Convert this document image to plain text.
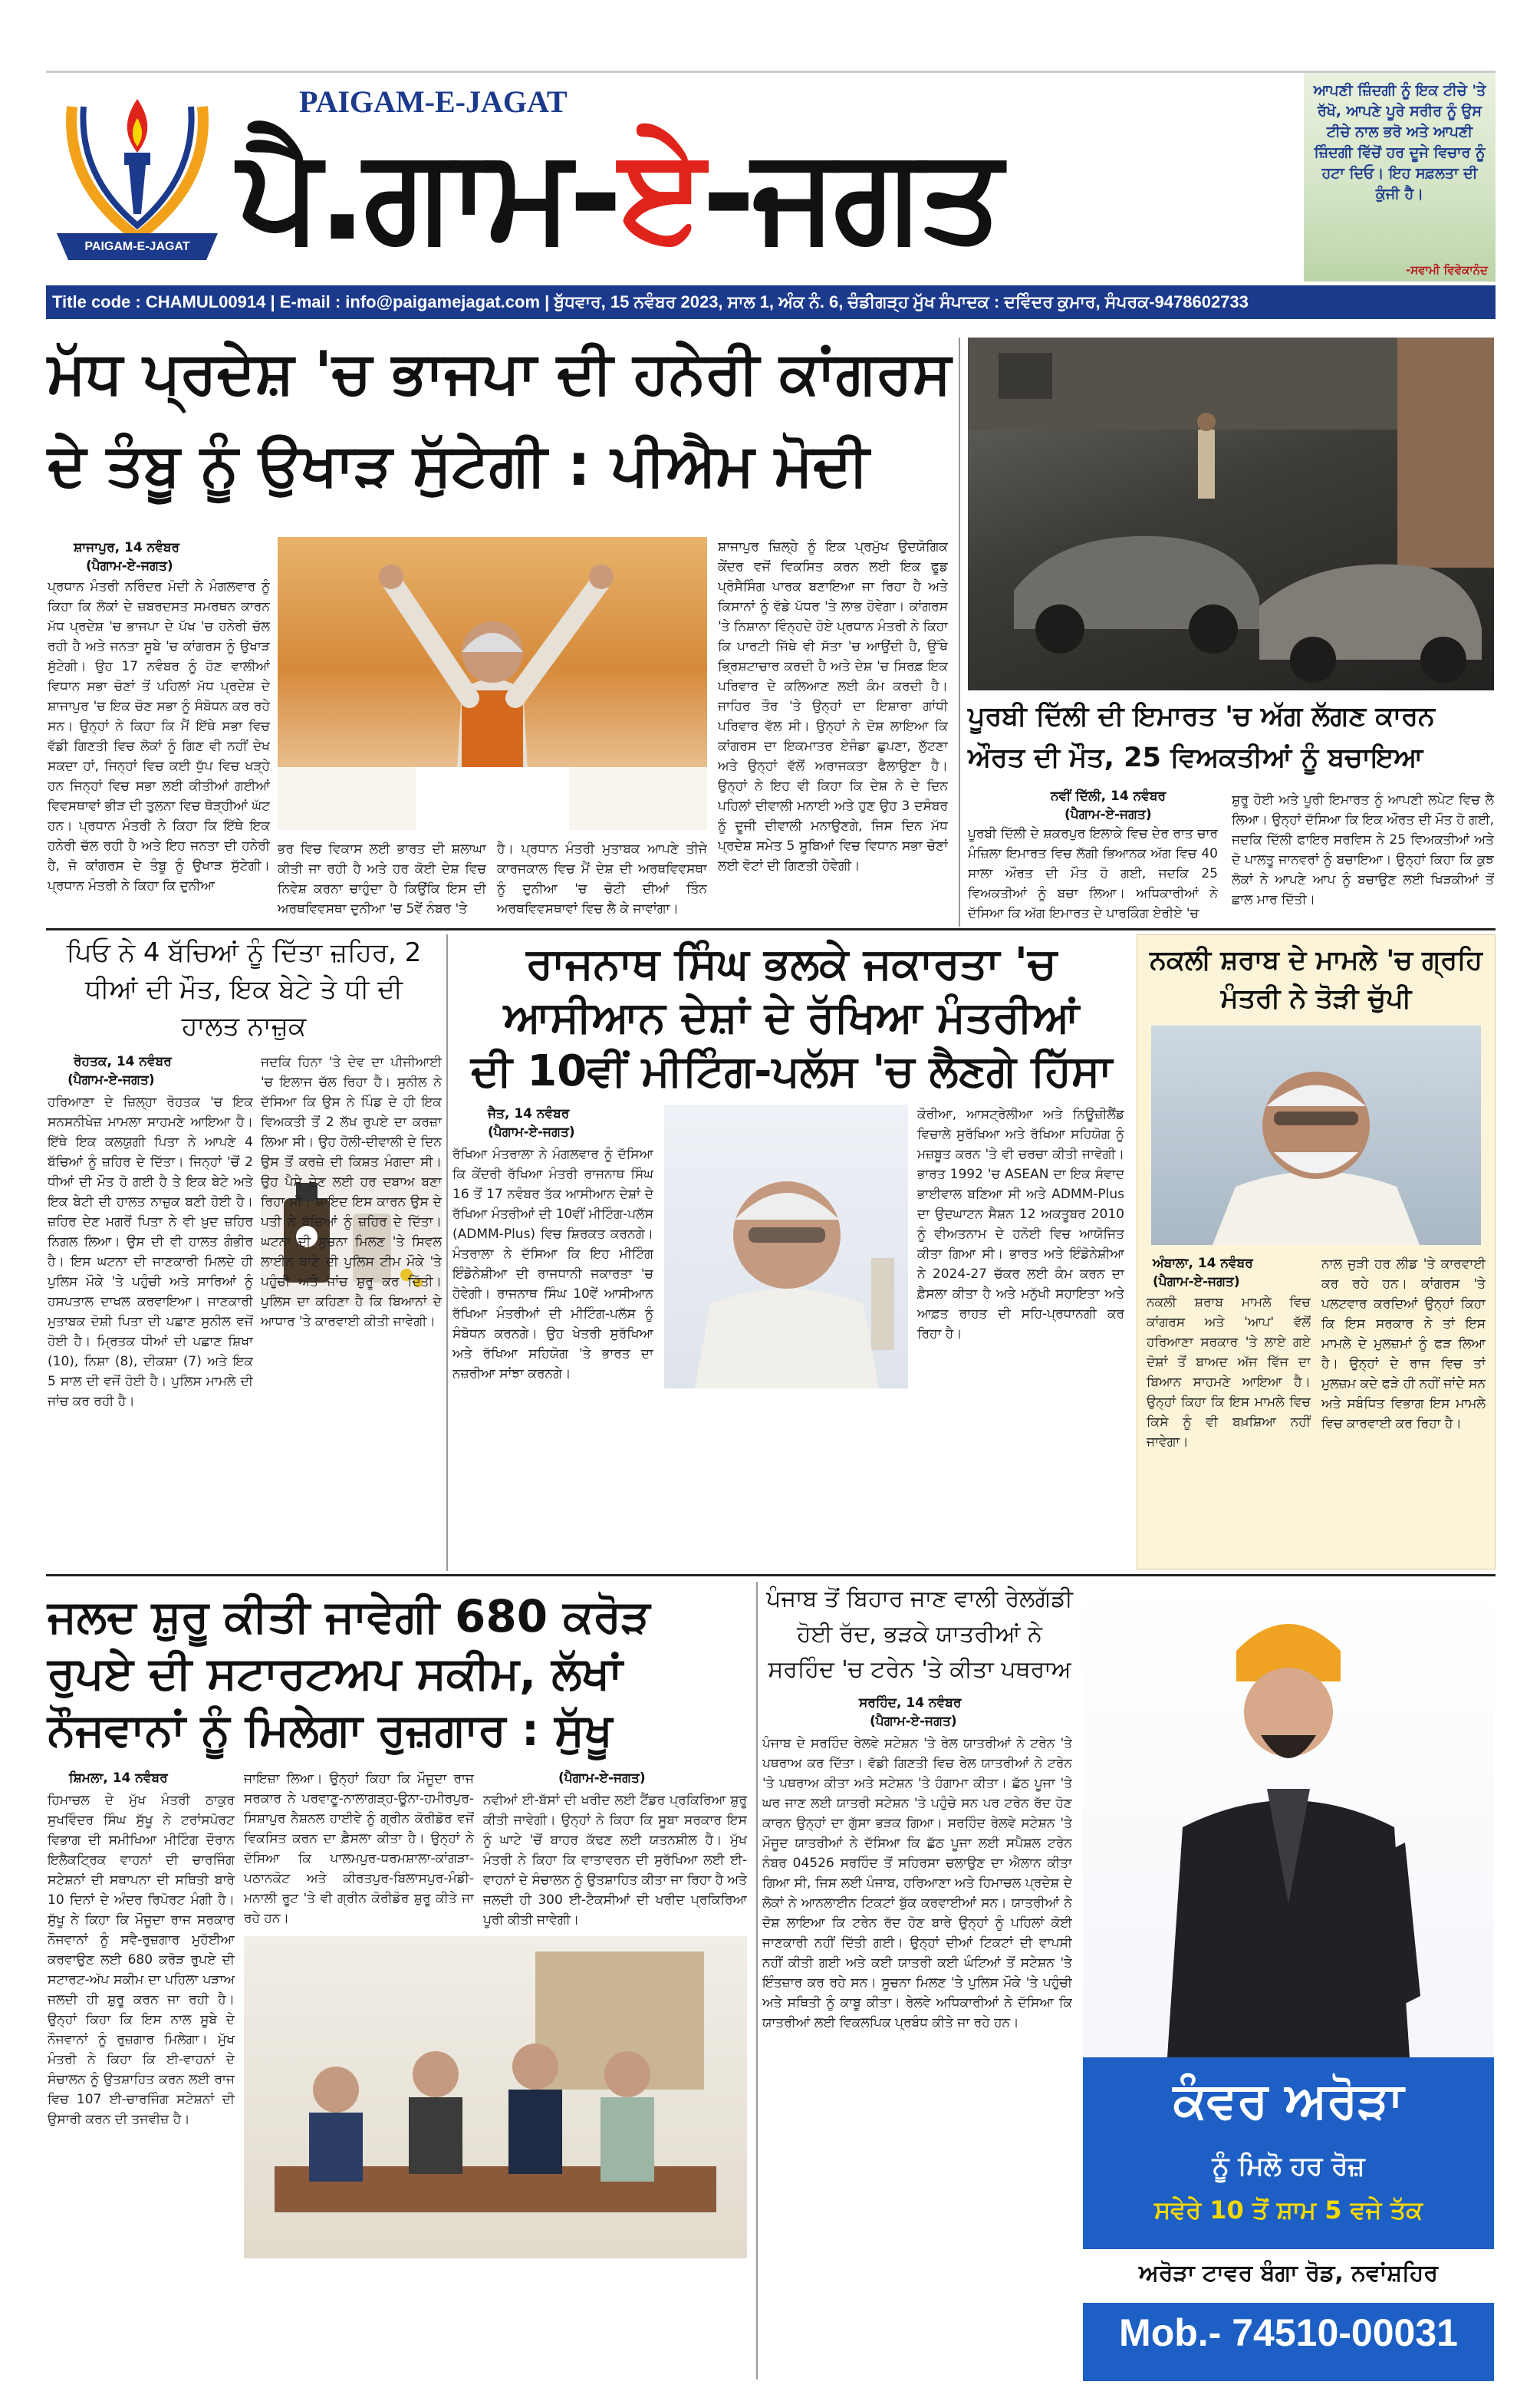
PAIGAM-E-JAGAT
PAIGAM-E-JAGAT
ਪੈ.ਗਾਮ-ਏ-ਜਗਤ
ਆਪਣੀ ਜ਼ਿੰਦਗੀ ਨੂੰ ਇਕ ਟੀਚੇ 'ਤੇ ਰੱਖੋ, ਆਪਣੇ ਪੂਰੇ ਸਰੀਰ ਨੂੰ ਉਸ ਟੀਚੇ ਨਾਲ ਭਰੋ ਅਤੇ ਆਪਣੀ ਜ਼ਿੰਦਗੀ ਵਿੱਚੋਂ ਹਰ ਦੂਜੇ ਵਿਚਾਰ ਨੂੰ ਹਟਾ ਦਿਓ। ਇਹ ਸਫ਼ਲਤਾ ਦੀ ਕੁੰਜੀ ਹੈ।
-ਸਵਾਮੀ ਵਿਵੇਕਾਨੰਦ
Title code : CHAMUL00914 | E-mail : info@paigamejagat.com | ਬੁੱਧਵਾਰ, 15 ਨਵੰਬਰ 2023, ਸਾਲ 1, ਅੰਕ ਨੰ. 6, ਚੰਡੀਗੜ੍ਹ ਮੁੱਖ ਸੰਪਾਦਕ : ਦਵਿੰਦਰ ਕੁਮਾਰ, ਸੰਪਰਕ-9478602733
ਮੱਧ ਪ੍ਰਦੇਸ਼ 'ਚ ਭਾਜਪਾ ਦੀ ਹਨੇਰੀ ਕਾਂਗਰਸ
ਦੇ ਤੰਬੂ ਨੂੰ ਉਖਾੜ ਸੁੱਟੇਗੀ : ਪੀਐਮ ਮੋਦੀ
ਸ਼ਾਜਾਪੁਰ, 14 ਨਵੰਬਰ
(ਪੈਗਾਮ-ਏ-ਜਗਤ)
ਪ੍ਰਧਾਨ ਮੰਤਰੀ ਨਰਿੰਦਰ ਮੋਦੀ ਨੇ ਮੰਗਲਵਾਰ ਨੂੰ ਕਿਹਾ ਕਿ ਲੋਕਾਂ ਦੇ ਜ਼ਬਰਦਸਤ ਸਮਰਥਨ ਕਾਰਨ ਮੱਧ ਪ੍ਰਦੇਸ਼ 'ਚ ਭਾਜਪਾ ਦੇ ਪੱਖ 'ਚ ਹਨੇਰੀ ਚੱਲ ਰਹੀ ਹੈ ਅਤੇ ਜਨਤਾ ਸੂਬੇ 'ਚ ਕਾਂਗਰਸ ਨੂੰ ਉਖਾੜ ਸੁੱਟੇਗੀ। ਉਹ 17 ਨਵੰਬਰ ਨੂੰ ਹੋਣ ਵਾਲੀਆਂ ਵਿਧਾਨ ਸਭਾ ਚੋਣਾਂ ਤੋਂ ਪਹਿਲਾਂ ਮੱਧ ਪ੍ਰਦੇਸ਼ ਦੇ ਸ਼ਾਜਾਪੁਰ 'ਚ ਇਕ ਚੋਣ ਸਭਾ ਨੂੰ ਸੰਬੋਧਨ ਕਰ ਰਹੇ ਸਨ। ਉਨ੍ਹਾਂ ਨੇ ਕਿਹਾ ਕਿ ਮੈਂ ਇੱਥੇ ਸਭਾ ਵਿਚ ਵੱਡੀ ਗਿਣਤੀ ਵਿਚ ਲੋਕਾਂ ਨੂੰ ਗਿਣ ਵੀ ਨਹੀਂ ਦੇਖ ਸਕਦਾ ਹਾਂ, ਜਿਨ੍ਹਾਂ ਵਿਚ ਕਈ ਧੁੱਪ ਵਿਚ ਖੜ੍ਹੇ ਹਨ ਜਿਨ੍ਹਾਂ ਵਿਚ ਸਭਾ ਲਈ ਕੀਤੀਆਂ ਗਈਆਂ ਵਿਵਸਥਾਵਾਂ ਭੀੜ ਦੀ ਤੁਲਨਾ ਵਿਚ ਥੋੜ੍ਹੀਆਂ ਘੱਟ ਹਨ। ਪ੍ਰਧਾਨ ਮੰਤਰੀ ਨੇ ਕਿਹਾ ਕਿ ਇੱਥੇ ਇਕ ਹਨੇਰੀ ਚੱਲ ਰਹੀ ਹੈ ਅਤੇ ਇਹ ਜਨਤਾ ਦੀ ਹਨੇਰੀ ਹੈ, ਜੋ ਕਾਂਗਰਸ ਦੇ ਤੰਬੂ ਨੂੰ ਉਖਾੜ ਸੁੱਟੇਗੀ। ਪ੍ਰਧਾਨ ਮੰਤਰੀ ਨੇ ਕਿਹਾ ਕਿ ਦੁਨੀਆ
ਭਰ ਵਿਚ ਵਿਕਾਸ ਲਈ ਭਾਰਤ ਦੀ ਸ਼ਲਾਘਾ ਕੀਤੀ ਜਾ ਰਹੀ ਹੈ ਅਤੇ ਹਰ ਕੋਈ ਦੇਸ਼ ਵਿਚ ਨਿਵੇਸ਼ ਕਰਨਾ ਚਾਹੁੰਦਾ ਹੈ ਕਿਉਂਕਿ ਇਸ ਦੀ ਅਰਥਵਿਵਸਥਾ ਦੁਨੀਆ 'ਚ 5ਵੇਂ ਨੰਬਰ 'ਤੇ
ਹੈ। ਪ੍ਰਧਾਨ ਮੰਤਰੀ ਮੁਤਾਬਕ ਆਪਣੇ ਤੀਜੇ ਕਾਰਜਕਾਲ ਵਿਚ ਮੈਂ ਦੇਸ਼ ਦੀ ਅਰਥਵਿਵਸਥਾ ਨੂੰ ਦੁਨੀਆ 'ਚ ਚੋਟੀ ਦੀਆਂ ਤਿੰਨ ਅਰਥਵਿਵਸਥਾਵਾਂ ਵਿਚ ਲੈ ਕੇ ਜਾਵਾਂਗਾ।
ਸ਼ਾਜਾਪੁਰ ਜ਼ਿਲ੍ਹੇ ਨੂੰ ਇਕ ਪ੍ਰਮੁੱਖ ਉਦਯੋਗਿਕ ਕੇਂਦਰ ਵਜੋਂ ਵਿਕਸਿਤ ਕਰਨ ਲਈ ਇਕ ਫੂਡ ਪ੍ਰੋਸੈਸਿੰਗ ਪਾਰਕ ਬਣਾਇਆ ਜਾ ਰਿਹਾ ਹੈ ਅਤੇ ਕਿਸਾਨਾਂ ਨੂੰ ਵੱਡੇ ਪੱਧਰ 'ਤੇ ਲਾਭ ਹੋਵੇਗਾ। ਕਾਂਗਰਸ 'ਤੇ ਨਿਸ਼ਾਨਾ ਵਿੰਨ੍ਹਦੇ ਹੋਏ ਪ੍ਰਧਾਨ ਮੰਤਰੀ ਨੇ ਕਿਹਾ ਕਿ ਪਾਰਟੀ ਜਿੱਥੇ ਵੀ ਸੱਤਾ 'ਚ ਆਉਂਦੀ ਹੈ, ਉੱਥੇ ਭ੍ਰਿਸ਼ਟਾਚਾਰ ਕਰਦੀ ਹੈ ਅਤੇ ਦੇਸ਼ 'ਚ ਸਿਰਫ਼ ਇਕ ਪਰਿਵਾਰ ਦੇ ਕਲਿਆਣ ਲਈ ਕੰਮ ਕਰਦੀ ਹੈ। ਜਾਹਿਰ ਤੌਰ 'ਤੇ ਉਨ੍ਹਾਂ ਦਾ ਇਸ਼ਾਰਾ ਗਾਂਧੀ ਪਰਿਵਾਰ ਵੱਲ ਸੀ। ਉਨ੍ਹਾਂ ਨੇ ਦੋਸ਼ ਲਾਇਆ ਕਿ ਕਾਂਗਰਸ ਦਾ ਇਕਮਾਤਰ ਏਜੰਡਾ ਛੁਪਣਾ, ਲੁੱਟਣਾ ਅਤੇ ਉਨ੍ਹਾਂ ਵੱਲੋਂ ਅਰਾਜਕਤਾ ਫੈਲਾਉਣਾ ਹੈ। ਉਨ੍ਹਾਂ ਨੇ ਇਹ ਵੀ ਕਿਹਾ ਕਿ ਦੇਸ਼ ਨੇ ਦੇ ਦਿਨ ਪਹਿਲਾਂ ਦੀਵਾਲੀ ਮਨਾਈ ਅਤੇ ਹੁਣ ਉਹ 3 ਦਸੰਬਰ ਨੂੰ ਦੂਜੀ ਦੀਵਾਲੀ ਮਨਾਉਣਗੇ, ਜਿਸ ਦਿਨ ਮੱਧ ਪ੍ਰਦੇਸ਼ ਸਮੇਤ 5 ਸੂਬਿਆਂ ਵਿਚ ਵਿਧਾਨ ਸਭਾ ਚੋਣਾਂ ਲਈ ਵੋਟਾਂ ਦੀ ਗਿਣਤੀ ਹੋਵੇਗੀ।
ਪੂਰਬੀ ਦਿੱਲੀ ਦੀ ਇਮਾਰਤ 'ਚ ਅੱਗ ਲੱਗਣ ਕਾਰਨ
ਔਰਤ ਦੀ ਮੌਤ, 25 ਵਿਅਕਤੀਆਂ ਨੂੰ ਬਚਾਇਆ
ਨਵੀਂ ਦਿੱਲੀ, 14 ਨਵੰਬਰ
(ਪੈਗਾਮ-ਏ-ਜਗਤ)
ਪੂਰਬੀ ਦਿੱਲੀ ਦੇ ਸ਼ਕਰਪੁਰ ਇਲਾਕੇ ਵਿਚ ਦੇਰ ਰਾਤ ਚਾਰ ਮੰਜ਼ਿਲਾ ਇਮਾਰਤ ਵਿਚ ਲੱਗੀ ਭਿਆਨਕ ਅੱਗ ਵਿਚ 40 ਸਾਲਾ ਔਰਤ ਦੀ ਮੌਤ ਹੋ ਗਈ, ਜਦਕਿ 25 ਵਿਅਕਤੀਆਂ ਨੂੰ ਬਚਾ ਲਿਆ। ਅਧਿਕਾਰੀਆਂ ਨੇ ਦੱਸਿਆ ਕਿ ਅੱਗ ਇਮਾਰਤ ਦੇ ਪਾਰਕਿੰਗ ਏਰੀਏ 'ਚ
ਸ਼ੁਰੂ ਹੋਈ ਅਤੇ ਪੂਰੀ ਇਮਾਰਤ ਨੂੰ ਆਪਣੀ ਲਪੇਟ ਵਿਚ ਲੈ ਲਿਆ। ਉਨ੍ਹਾਂ ਦੱਸਿਆ ਕਿ ਇਕ ਔਰਤ ਦੀ ਮੌਤ ਹੋ ਗਈ, ਜਦਕਿ ਦਿੱਲੀ ਫਾਇਰ ਸਰਵਿਸ ਨੇ 25 ਵਿਅਕਤੀਆਂ ਅਤੇ ਦੋ ਪਾਲਤੂ ਜਾਨਵਰਾਂ ਨੂੰ ਬਚਾਇਆ। ਉਨ੍ਹਾਂ ਕਿਹਾ ਕਿ ਕੁਝ ਲੋਕਾਂ ਨੇ ਆਪਣੇ ਆਪ ਨੂੰ ਬਚਾਉਣ ਲਈ ਖਿੜਕੀਆਂ ਤੋਂ ਛਾਲ ਮਾਰ ਦਿੱਤੀ।
ਪਿਓ ਨੇ 4 ਬੱਚਿਆਂ ਨੂੰ ਦਿੱਤਾ ਜ਼ਹਿਰ, 2 ਧੀਆਂ ਦੀ ਮੌਤ, ਇਕ ਬੇਟੇ ਤੇ ਧੀ ਦੀ ਹਾਲਤ ਨਾਜ਼ੁਕ
ਰੋਹਤਕ, 14 ਨਵੰਬਰ
(ਪੈਗਾਮ-ਏ-ਜਗਤ)
ਹਰਿਆਣਾ ਦੇ ਜ਼ਿਲ੍ਹਾ ਰੋਹਤਕ 'ਚ ਇਕ ਸਨਸਨੀਖੇਜ਼ ਮਾਮਲਾ ਸਾਹਮਣੇ ਆਇਆ ਹੈ। ਇੱਥੇ ਇਕ ਕਲਯੁਗੀ ਪਿਤਾ ਨੇ ਆਪਣੇ 4 ਬੱਚਿਆਂ ਨੂੰ ਜ਼ਹਿਰ ਦੇ ਦਿੱਤਾ। ਜਿਨ੍ਹਾਂ 'ਚੋਂ 2 ਧੀਆਂ ਦੀ ਮੌਤ ਹੋ ਗਈ ਹੈ ਤੇ ਇਕ ਬੇਟੇ ਅਤੇ ਇਕ ਬੇਟੀ ਦੀ ਹਾਲਤ ਨਾਜ਼ੁਕ ਬਣੀ ਹੋਈ ਹੈ। ਜ਼ਹਿਰ ਦੇਣ ਮਗਰੋਂ ਪਿਤਾ ਨੇ ਵੀ ਖ਼ੁਦ ਜ਼ਹਿਰ ਨਿਗਲ ਲਿਆ। ਉਸ ਦੀ ਵੀ ਹਾਲਤ ਗੰਭੀਰ ਹੈ। ਇਸ ਘਟਨਾ ਦੀ ਜਾਣਕਾਰੀ ਮਿਲਦੇ ਹੀ ਪੁਲਿਸ ਮੌਕੇ 'ਤੇ ਪਹੁੰਚੀ ਅਤੇ ਸਾਰਿਆਂ ਨੂੰ ਹਸਪਤਾਲ ਦਾਖਲ ਕਰਵਾਇਆ। ਜਾਣਕਾਰੀ ਮੁਤਾਬਕ ਦੋਸ਼ੀ ਪਿਤਾ ਦੀ ਪਛਾਣ ਸੁਨੀਲ ਵਜੋਂ ਹੋਈ ਹੈ। ਮ੍ਰਿਤਕ ਧੀਆਂ ਦੀ ਪਛਾਣ ਸ਼ਿਖਾ (10), ਨਿਸ਼ਾ (8), ਦੀਕਸ਼ਾ (7) ਅਤੇ ਇਕ 5 ਸਾਲ ਦੀ ਵਜੋਂ ਹੋਈ ਹੈ। ਪੁਲਿਸ ਮਾਮਲੇ ਦੀ ਜਾਂਚ ਕਰ ਰਹੀ ਹੈ।
ਜਦਕਿ ਹਿਨਾ 'ਤੇ ਦੇਵ ਦਾ ਪੀਜੀਆਈ 'ਚ ਇਲਾਜ ਚੱਲ ਰਿਹਾ ਹੈ। ਸੁਨੀਲ ਨੇ ਦੱਸਿਆ ਕਿ ਉਸ ਨੇ ਪਿੰਡ ਦੇ ਹੀ ਇਕ ਵਿਅਕਤੀ ਤੋਂ 2 ਲੱਖ ਰੁਪਏ ਦਾ ਕਰਜ਼ਾ ਲਿਆ ਸੀ। ਉਹ ਹੋਲੀ-ਦੀਵਾਲੀ ਦੇ ਦਿਨ ਉਸ ਤੋਂ ਕਰਜ਼ੇ ਦੀ ਕਿਸ਼ਤ ਮੰਗਦਾ ਸੀ। ਉਹ ਪੈਸੇ ਦੇਣ ਲਈ ਹਰ ਦਬਾਅ ਬਣਾ ਰਿਹਾ ਸੀ। ਸ਼ਾਇਦ ਇਸ ਕਾਰਨ ਉਸ ਦੇ ਪਤੀ ਨੇ ਬੱਚਿਆਂ ਨੂੰ ਜ਼ਹਿਰ ਦੇ ਦਿੱਤਾ। ਘਟਨਾ ਦੀ ਸੂਚਨਾ ਮਿਲਣ 'ਤੇ ਸਿਵਲ ਲਾਈਨ ਥਾਣੇ ਦੀ ਪੁਲਿਸ ਟੀਮ ਮੌਕੇ 'ਤੇ ਪਹੁੰਚੀ ਅਤੇ ਜਾਂਚ ਸ਼ੁਰੂ ਕਰ ਦਿੱਤੀ। ਪੁਲਿਸ ਦਾ ਕਹਿਣਾ ਹੈ ਕਿ ਬਿਆਨਾਂ ਦੇ ਆਧਾਰ 'ਤੇ ਕਾਰਵਾਈ ਕੀਤੀ ਜਾਵੇਗੀ।
ਰਾਜਨਾਥ ਸਿੰਘ ਭਲਕੇ ਜਕਾਰਤਾ 'ਚ
ਆਸੀਆਨ ਦੇਸ਼ਾਂ ਦੇ ਰੱਖਿਆ ਮੰਤਰੀਆਂ
ਦੀ 10ਵੀਂ ਮੀਟਿੰਗ-ਪਲੱਸ 'ਚ ਲੈਣਗੇ ਹਿੱਸਾ
ਜੈਤ, 14 ਨਵੰਬਰ
(ਪੈਗਾਮ-ਏ-ਜਗਤ)
ਰੱਖਿਆ ਮੰਤਰਾਲਾ ਨੇ ਮੰਗਲਵਾਰ ਨੂੰ ਦੱਸਿਆ ਕਿ ਕੇਂਦਰੀ ਰੱਖਿਆ ਮੰਤਰੀ ਰਾਜਨਾਥ ਸਿੰਘ 16 ਤੋਂ 17 ਨਵੰਬਰ ਤੱਕ ਆਸੀਆਨ ਦੇਸ਼ਾਂ ਦੇ ਰੱਖਿਆ ਮੰਤਰੀਆਂ ਦੀ 10ਵੀਂ ਮੀਟਿੰਗ-ਪਲੱਸ (ADMM-Plus) ਵਿਚ ਸ਼ਿਰਕਤ ਕਰਨਗੇ। ਮੰਤਰਾਲਾ ਨੇ ਦੱਸਿਆ ਕਿ ਇਹ ਮੀਟਿੰਗ ਇੰਡੋਨੇਸ਼ੀਆ ਦੀ ਰਾਜਧਾਨੀ ਜਕਾਰਤਾ 'ਚ ਹੋਵੇਗੀ। ਰਾਜਨਾਥ ਸਿੰਘ 10ਵੇਂ ਆਸੀਆਨ ਰੱਖਿਆ ਮੰਤਰੀਆਂ ਦੀ ਮੀਟਿੰਗ-ਪਲੱਸ ਨੂੰ ਸੰਬੋਧਨ ਕਰਨਗੇ। ਉਹ ਖੇਤਰੀ ਸੁਰੱਖਿਆ ਅਤੇ ਰੱਖਿਆ ਸਹਿਯੋਗ 'ਤੇ ਭਾਰਤ ਦਾ ਨਜ਼ਰੀਆ ਸਾਂਝਾ ਕਰਨਗੇ।
ਕੋਰੀਆ, ਆਸਟ੍ਰੇਲੀਆ ਅਤੇ ਨਿਊਜ਼ੀਲੈਂਡ ਵਿਚਾਲੇ ਸੁਰੱਖਿਆ ਅਤੇ ਰੱਖਿਆ ਸਹਿਯੋਗ ਨੂੰ ਮਜ਼ਬੂਤ ਕਰਨ 'ਤੇ ਵੀ ਚਰਚਾ ਕੀਤੀ ਜਾਵੇਗੀ। ਭਾਰਤ 1992 'ਚ ASEAN ਦਾ ਇਕ ਸੰਵਾਦ ਭਾਈਵਾਲ ਬਣਿਆ ਸੀ ਅਤੇ ADMM-Plus ਦਾ ਉਦਘਾਟਨ ਸੈਸ਼ਨ 12 ਅਕਤੂਬਰ 2010 ਨੂੰ ਵੀਅਤਨਾਮ ਦੇ ਹਨੋਈ ਵਿਚ ਆਯੋਜਿਤ ਕੀਤਾ ਗਿਆ ਸੀ। ਭਾਰਤ ਅਤੇ ਇੰਡੋਨੇਸ਼ੀਆ ਨੇ 2024-27 ਚੱਕਰ ਲਈ ਕੰਮ ਕਰਨ ਦਾ ਫ਼ੈਸਲਾ ਕੀਤਾ ਹੈ ਅਤੇ ਮਨੁੱਖੀ ਸਹਾਇਤਾ ਅਤੇ ਆਫ਼ਤ ਰਾਹਤ ਦੀ ਸਹਿ-ਪ੍ਰਧਾਨਗੀ ਕਰ ਰਿਹਾ ਹੈ।
ਨਕਲੀ ਸ਼ਰਾਬ ਦੇ ਮਾਮਲੇ 'ਚ ਗ੍ਰਹਿ ਮੰਤਰੀ ਨੇ ਤੋੜੀ ਚੁੱਪੀ
ਅੰਬਾਲਾ, 14 ਨਵੰਬਰ
(ਪੈਗਾਮ-ਏ-ਜਗਤ)
ਨਕਲੀ ਸ਼ਰਾਬ ਮਾਮਲੇ ਵਿਚ ਕਾਂਗਰਸ ਅਤੇ 'ਆਪ' ਵੱਲੋਂ ਹਰਿਆਣਾ ਸਰਕਾਰ 'ਤੇ ਲਾਏ ਗਏ ਦੋਸ਼ਾਂ ਤੋਂ ਬਾਅਦ ਅੱਜ ਵਿੱਜ ਦਾ ਬਿਆਨ ਸਾਹਮਣੇ ਆਇਆ ਹੈ। ਉਨ੍ਹਾਂ ਕਿਹਾ ਕਿ ਇਸ ਮਾਮਲੇ ਵਿਚ ਕਿਸੇ ਨੂੰ ਵੀ ਬਖ਼ਸ਼ਿਆ ਨਹੀਂ ਜਾਵੇਗਾ।
ਨਾਲ ਜੁੜੀ ਹਰ ਲੀਡ 'ਤੇ ਕਾਰਵਾਈ ਕਰ ਰਹੇ ਹਨ। ਕਾਂਗਰਸ 'ਤੇ ਪਲਟਵਾਰ ਕਰਦਿਆਂ ਉਨ੍ਹਾਂ ਕਿਹਾ ਕਿ ਇਸ ਸਰਕਾਰ ਨੇ ਤਾਂ ਇਸ ਮਾਮਲੇ ਦੇ ਮੁਲਜ਼ਮਾਂ ਨੂੰ ਫੜ ਲਿਆ ਹੈ। ਉਨ੍ਹਾਂ ਦੇ ਰਾਜ ਵਿਚ ਤਾਂ ਮੁਲਜ਼ਮ ਕਦੇ ਫੜੇ ਹੀ ਨਹੀਂ ਜਾਂਦੇ ਸਨ ਅਤੇ ਸਬੰਧਿਤ ਵਿਭਾਗ ਇਸ ਮਾਮਲੇ ਵਿਚ ਕਾਰਵਾਈ ਕਰ ਰਿਹਾ ਹੈ।
ਜਲਦ ਸ਼ੁਰੂ ਕੀਤੀ ਜਾਵੇਗੀ 680 ਕਰੋੜ
ਰੁਪਏ ਦੀ ਸਟਾਰਟਅਪ ਸਕੀਮ, ਲੱਖਾਂ
ਨੌਜਵਾਨਾਂ ਨੂੰ ਮਿਲੇਗਾ ਰੁਜ਼ਗਾਰ : ਸੁੱਖੂ
ਸ਼ਿਮਲਾ, 14 ਨਵੰਬਰ	(ਪੈਗਾਮ-ਏ-ਜਗਤ)
ਹਿਮਾਚਲ ਦੇ ਮੁੱਖ ਮੰਤਰੀ ਠਾਕੁਰ ਸੁਖਵਿੰਦਰ ਸਿੰਘ ਸੁੱਖੂ ਨੇ ਟਰਾਂਸਪੋਰਟ ਵਿਭਾਗ ਦੀ ਸਮੀਖਿਆ ਮੀਟਿੰਗ ਦੌਰਾਨ ਇਲੈਕਟ੍ਰਿਕ ਵਾਹਨਾਂ ਦੀ ਚਾਰਜਿੰਗ ਸਟੇਸ਼ਨਾਂ ਦੀ ਸਥਾਪਨਾ ਦੀ ਸਥਿਤੀ ਬਾਰੇ 10 ਦਿਨਾਂ ਦੇ ਅੰਦਰ ਰਿਪੋਰਟ ਮੰਗੀ ਹੈ। ਸੁੱਖੂ ਨੇ ਕਿਹਾ ਕਿ ਮੌਜੂਦਾ ਰਾਜ ਸਰਕਾਰ ਨੌਜਵਾਨਾਂ ਨੂੰ ਸਵੈ-ਰੁਜ਼ਗਾਰ ਮੁਹੱਈਆ ਕਰਵਾਉਣ ਲਈ 680 ਕਰੋੜ ਰੁਪਏ ਦੀ ਸਟਾਰਟ-ਅੱਪ ਸਕੀਮ ਦਾ ਪਹਿਲਾ ਪੜਾਅ ਜਲਦੀ ਹੀ ਸ਼ੁਰੂ ਕਰਨ ਜਾ ਰਹੀ ਹੈ। ਉਨ੍ਹਾਂ ਕਿਹਾ ਕਿ ਇਸ ਨਾਲ ਸੂਬੇ ਦੇ ਨੌਜਵਾਨਾਂ ਨੂੰ ਰੁਜ਼ਗਾਰ ਮਿਲੇਗਾ। ਮੁੱਖ ਮੰਤਰੀ ਨੇ ਕਿਹਾ ਕਿ ਈ-ਵਾਹਨਾਂ ਦੇ ਸੰਚਾਲਨ ਨੂੰ ਉਤਸ਼ਾਹਿਤ ਕਰਨ ਲਈ ਰਾਜ ਵਿਚ 107 ਈ-ਚਾਰਜਿੰਗ ਸਟੇਸ਼ਨਾਂ ਦੀ ਉਸਾਰੀ ਕਰਨ ਦੀ ਤਜਵੀਜ਼ ਹੈ।
ਜਾਇਜ਼ਾ ਲਿਆ। ਉਨ੍ਹਾਂ ਕਿਹਾ ਕਿ ਮੌਜੂਦਾ ਰਾਜ ਸਰਕਾਰ ਨੇ ਪਰਵਾਣੂ-ਨਾਲਾਗੜ੍ਹ-ਊਨਾ-ਹਮੀਰਪੁਰ-ਸਿਸ਼ਾਪੁਰ ਨੈਸ਼ਨਲ ਹਾਈਵੇ ਨੂੰ ਗ੍ਰੀਨ ਕੋਰੀਡੋਰ ਵਜੋਂ ਵਿਕਸਿਤ ਕਰਨ ਦਾ ਫ਼ੈਸਲਾ ਕੀਤਾ ਹੈ। ਉਨ੍ਹਾਂ ਨੇ ਦੱਸਿਆ ਕਿ ਪਾਲਮਪੁਰ-ਧਰਮਸ਼ਾਲਾ-ਕਾਂਗੜਾ-ਪਠਾਨਕੋਟ ਅਤੇ ਕੀਰਤਪੁਰ-ਬਿਲਾਸਪੁਰ-ਮੰਡੀ-ਮਨਾਲੀ ਰੂਟ 'ਤੇ ਵੀ ਗ੍ਰੀਨ ਕੋਰੀਡੋਰ ਸ਼ੁਰੂ ਕੀਤੇ ਜਾ ਰਹੇ ਹਨ।
ਨਵੀਆਂ ਈ-ਬੱਸਾਂ ਦੀ ਖਰੀਦ ਲਈ ਟੈਂਡਰ ਪ੍ਰਕਿਰਿਆ ਸ਼ੁਰੂ ਕੀਤੀ ਜਾਵੇਗੀ। ਉਨ੍ਹਾਂ ਨੇ ਕਿਹਾ ਕਿ ਸੂਬਾ ਸਰਕਾਰ ਇਸ ਨੂੰ ਘਾਟੇ 'ਚੋਂ ਬਾਹਰ ਕੱਢਣ ਲਈ ਯਤਨਸ਼ੀਲ ਹੈ। ਮੁੱਖ ਮੰਤਰੀ ਨੇ ਕਿਹਾ ਕਿ ਵਾਤਾਵਰਨ ਦੀ ਸੁਰੱਖਿਆ ਲਈ ਈ-ਵਾਹਨਾਂ ਦੇ ਸੰਚਾਲਨ ਨੂੰ ਉਤਸ਼ਾਹਿਤ ਕੀਤਾ ਜਾ ਰਿਹਾ ਹੈ ਅਤੇ ਜਲਦੀ ਹੀ 300 ਈ-ਟੈਕਸੀਆਂ ਦੀ ਖਰੀਦ ਪ੍ਰਕਿਰਿਆ ਪੂਰੀ ਕੀਤੀ ਜਾਵੇਗੀ।
ਪੰਜਾਬ ਤੋਂ ਬਿਹਾਰ ਜਾਣ ਵਾਲੀ ਰੇਲਗੱਡੀ ਹੋਈ ਰੱਦ, ਭੜਕੇ ਯਾਤਰੀਆਂ ਨੇ ਸਰਹਿੰਦ 'ਚ ਟਰੇਨ 'ਤੇ ਕੀਤਾ ਪਥਰਾਅ
ਸਰਹਿੰਦ, 14 ਨਵੰਬਰ
(ਪੈਗਾਮ-ਏ-ਜਗਤ)
ਪੰਜਾਬ ਦੇ ਸਰਹਿੰਦ ਰੇਲਵੇ ਸਟੇਸ਼ਨ 'ਤੇ ਰੇਲ ਯਾਤਰੀਆਂ ਨੇ ਟਰੇਨ 'ਤੇ ਪਥਰਾਅ ਕਰ ਦਿੱਤਾ। ਵੱਡੀ ਗਿਣਤੀ ਵਿਚ ਰੇਲ ਯਾਤਰੀਆਂ ਨੇ ਟਰੇਨ 'ਤੇ ਪਥਰਾਅ ਕੀਤਾ ਅਤੇ ਸਟੇਸ਼ਨ 'ਤੇ ਹੰਗਾਮਾ ਕੀਤਾ। ਛੱਠ ਪੂਜਾ 'ਤੇ ਘਰ ਜਾਣ ਲਈ ਯਾਤਰੀ ਸਟੇਸ਼ਨ 'ਤੇ ਪਹੁੰਚੇ ਸਨ ਪਰ ਟਰੇਨ ਰੱਦ ਹੋਣ ਕਾਰਨ ਉਨ੍ਹਾਂ ਦਾ ਗੁੱਸਾ ਭੜਕ ਗਿਆ। ਸਰਹਿੰਦ ਰੇਲਵੇ ਸਟੇਸ਼ਨ 'ਤੇ ਮੌਜੂਦ ਯਾਤਰੀਆਂ ਨੇ ਦੱਸਿਆ ਕਿ ਛੱਠ ਪੂਜਾ ਲਈ ਸਪੈਸ਼ਲ ਟਰੇਨ ਨੰਬਰ 04526 ਸਰਹਿੰਦ ਤੋਂ ਸਹਿਰਸਾ ਚਲਾਉਣ ਦਾ ਐਲਾਨ ਕੀਤਾ ਗਿਆ ਸੀ, ਜਿਸ ਲਈ ਪੰਜਾਬ, ਹਰਿਆਣਾ ਅਤੇ ਹਿਮਾਚਲ ਪ੍ਰਦੇਸ਼ ਦੇ ਲੋਕਾਂ ਨੇ ਆਨਲਾਈਨ ਟਿਕਟਾਂ ਬੁੱਕ ਕਰਵਾਈਆਂ ਸਨ। ਯਾਤਰੀਆਂ ਨੇ ਦੋਸ਼ ਲਾਇਆ ਕਿ ਟਰੇਨ ਰੱਦ ਹੋਣ ਬਾਰੇ ਉਨ੍ਹਾਂ ਨੂੰ ਪਹਿਲਾਂ ਕੋਈ ਜਾਣਕਾਰੀ ਨਹੀਂ ਦਿੱਤੀ ਗਈ। ਉਨ੍ਹਾਂ ਦੀਆਂ ਟਿਕਟਾਂ ਦੀ ਵਾਪਸੀ ਨਹੀਂ ਕੀਤੀ ਗਈ ਅਤੇ ਕਈ ਯਾਤਰੀ ਕਈ ਘੰਟਿਆਂ ਤੋਂ ਸਟੇਸ਼ਨ 'ਤੇ ਇੰਤਜ਼ਾਰ ਕਰ ਰਹੇ ਸਨ। ਸੂਚਨਾ ਮਿਲਣ 'ਤੇ ਪੁਲਿਸ ਮੌਕੇ 'ਤੇ ਪਹੁੰਚੀ ਅਤੇ ਸਥਿਤੀ ਨੂੰ ਕਾਬੂ ਕੀਤਾ। ਰੇਲਵੇ ਅਧਿਕਾਰੀਆਂ ਨੇ ਦੱਸਿਆ ਕਿ ਯਾਤਰੀਆਂ ਲਈ ਵਿਕਲਪਿਕ ਪ੍ਰਬੰਧ ਕੀਤੇ ਜਾ ਰਹੇ ਹਨ।
ਕੰਵਰ ਅਰੋੜਾ
ਨੂੰ ਮਿਲੋ ਹਰ ਰੋਜ਼
ਸਵੇਰੇ 10 ਤੋਂ ਸ਼ਾਮ 5 ਵਜੇ ਤੱਕ
ਅਰੋੜਾ ਟਾਵਰ ਬੰਗਾ ਰੋਡ, ਨਵਾਂਸ਼ਹਿਰ
Mob.- 74510-00031
